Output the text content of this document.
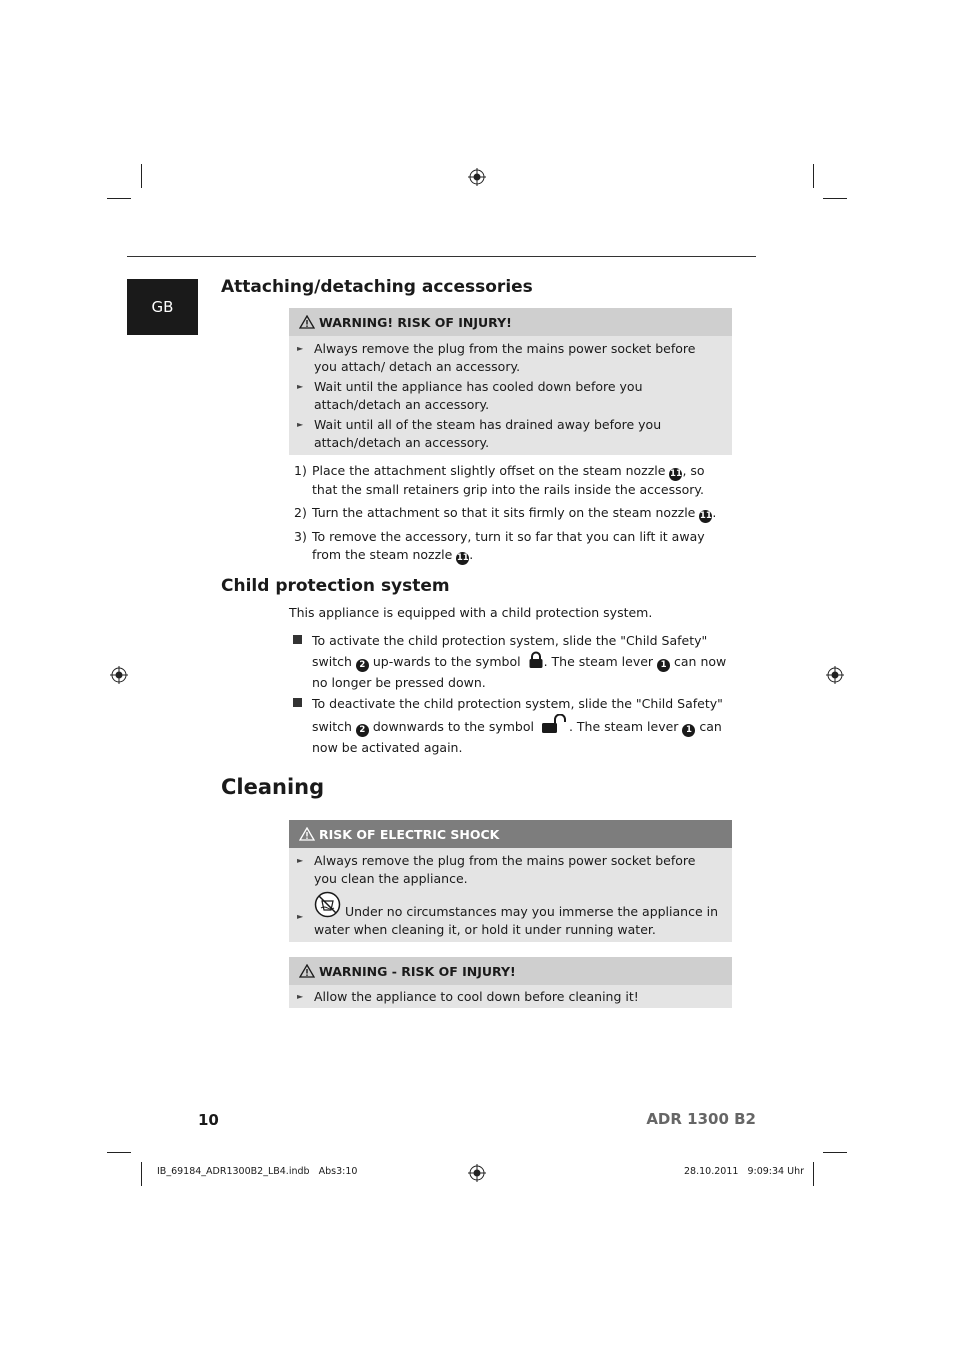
GB
Attaching/detaching accessories
WARNING! RISK OF INJURY!
► Always remove the plug from the mains power socket before you attach/ detach an accessory.
► Wait until the appliance has cooled down before you attach/detach an accessory.
► Wait until all of the steam has drained away before you attach/detach an accessory.
1) Place the attachment slightly offset on the steam nozzle 11, so that the small retainers grip into the rails inside the accessory.
2) Turn the attachment so that it sits firmly on the steam nozzle 11.
3) To remove the accessory, turn it so far that you can lift it away from the steam nozzle 11.
Child protection system
This appliance is equipped with a child protection system.
To activate the child protection system, slide the "Child Safety" switch 2 up-wards to the symbol . The steam lever 1 can now no longer be pressed down.
To deactivate the child protection system, slide the "Child Safety" switch 2 downwards to the symbol . The steam lever 1 can now be activated again.
Cleaning
RISK OF ELECTRIC SHOCK
► Always remove the plug from the mains power socket before you clean the appliance.
►	Under no circumstances may you immerse the appliance in water when cleaning it, or hold it under running water.
WARNING - RISK OF INJURY!
► Allow the appliance to cool down before cleaning it!
10	ADR 1300 B2
IB_69184_ADR1300B2_LB4.indb   Abs3:10	28.10.2011   9:09:34 Uhr
